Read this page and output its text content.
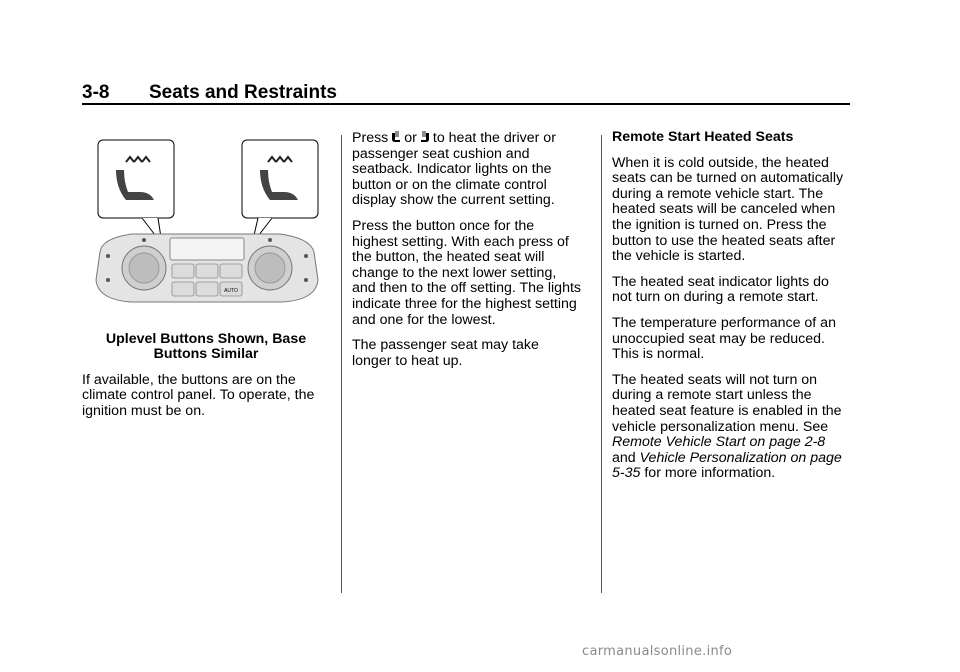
3-8 Seats and Restraints
AUTO

Uplevel Buttons Shown, Base Buttons Similar

If available, the buttons are on the climate control panel. To operate, the ignition must be on.

Press or to heat the driver or passenger seat cushion and seatback. Indicator lights on the button or on the climate control display show the current setting.

Press the button once for the highest setting. With each press of the button, the heated seat will change to the next lower setting, and then to the off setting. The lights indicate three for the highest setting and one for the lowest.

The passenger seat may take longer to heat up.

Remote Start Heated Seats

When it is cold outside, the heated seats can be turned on automatically during a remote vehicle start. The heated seats will be canceled when the ignition is turned on. Press the button to use the heated seats after the vehicle is started.

The heated seat indicator lights do not turn on during a remote start.

The temperature performance of an unoccupied seat may be reduced. This is normal.

The heated seats will not turn on during a remote start unless the heated seat feature is enabled in the vehicle personalization menu. See Remote Vehicle Start on page 2-8 and Vehicle Personalization on page 5-35 for more information.

carmanualsonline.info
